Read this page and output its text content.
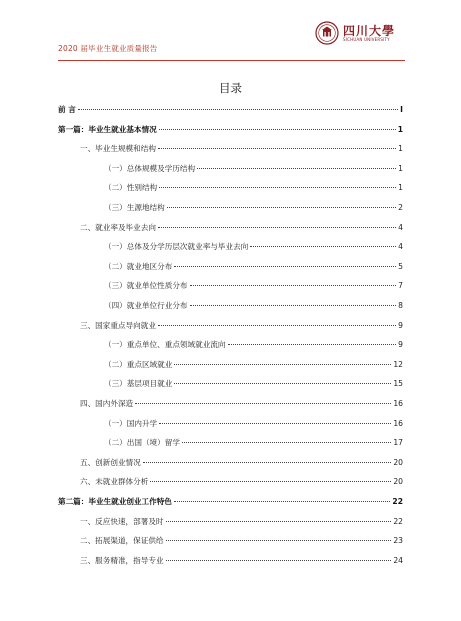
2020 届毕业生就业质量报告
四川大學
SICHUAN UNIVERSITY
目录
前 言	I
第一篇：毕业生就业基本情况	1
一、毕业生规模和结构	1
（一）总体规模及学历结构	1
（二）性别结构	1
（三）生源地结构	2
二、就业率及毕业去向	4
（一）总体及分学历层次就业率与毕业去向	4
（二）就业地区分布	5
（三）就业单位性质分布	7
（四）就业单位行业分布	8
三、国家重点导向就业	9
（一）重点单位、重点领域就业流向	9
（二）重点区域就业	12
（三）基层项目就业	15
四、国内外深造	16
（一）国内升学	16
（二）出国（境）留学	17
五、创新创业情况	20
六、未就业群体分析	20
第二篇：毕业生就业创业工作特色	22
一、反应快速，部署及时	22
二、拓展渠道，保证供给	23
三、服务精准，指导专业	24
